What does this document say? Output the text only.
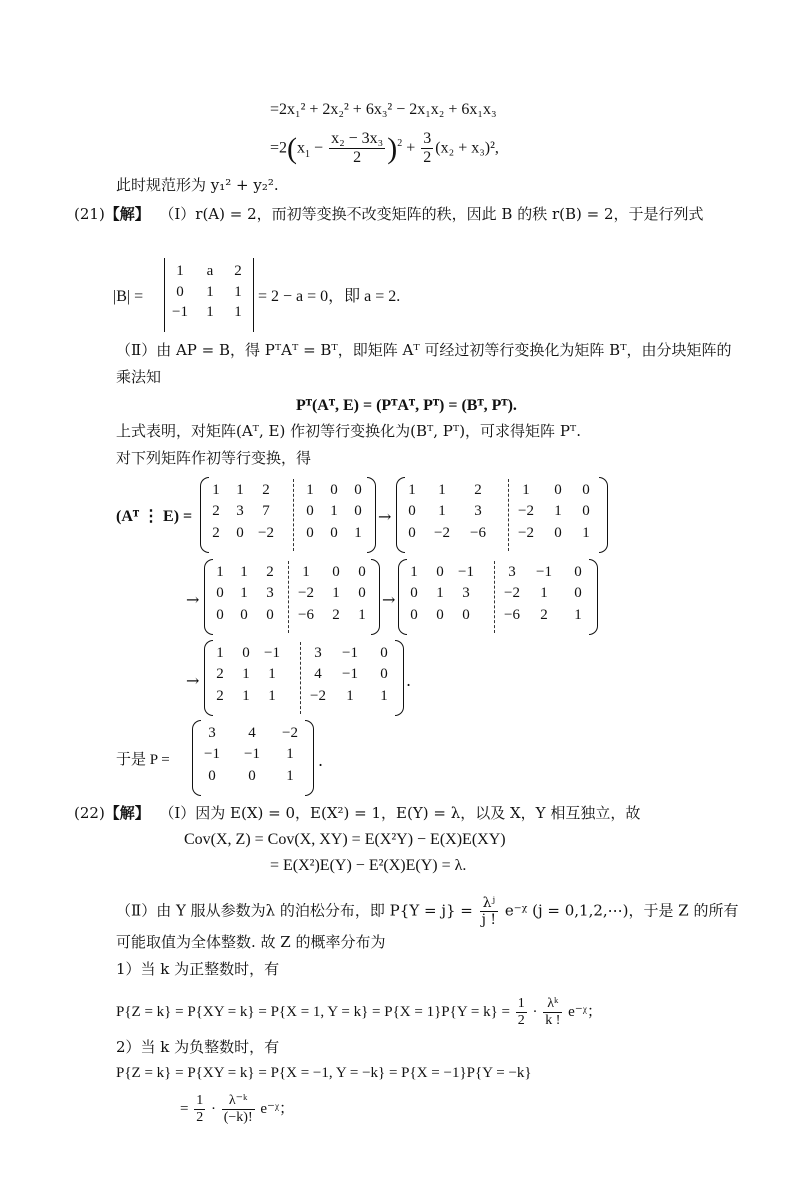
=2x₁² + 2x₂² + 6x₃² − 2x₁x₂ + 6x₁x₃
$=2(x_1 - \frac{\text{x₂ − 3x₃}}{2} )^2 + \frac{3}{2} (x_2 + x_3)^2$,
此时规范形为 y₁² + y₂².
(21)【解】 （Ⅰ）r(A) = 2，而初等变换不改变矩阵的秩，因此 B 的秩 r(B) = 2，于是行列式
|B| =
1	a	2
0	1	1
−1	1	1
= 2 − a = 0，即 a = 2.
（Ⅱ）由 AP = B，得 PᵀAᵀ = Bᵀ，即矩阵 Aᵀ 可经过初等行变换化为矩阵 Bᵀ，由分块矩阵的
乘法知
Pᵀ(Aᵀ, E) = (PᵀAᵀ, Pᵀ) = (Bᵀ, Pᵀ).
上式表明，对矩阵(Aᵀ, E) 作初等行变换化为(Bᵀ, Pᵀ)，可求得矩阵 Pᵀ.
对下列矩阵作初等行变换，得
(Aᵀ ⋮ E) =
1	1	2	1	0	0
2	3	7	0	1	0
2	0 −2	0	0	1
→
1	1	2	1	0	0
0	1	3	−2	1	0
0	−2 −6 −2	0	1
→
1	1	2	1	0	0
0	1	3	−2	1	0
0	0	0	−6	2	1
→
1	0 −1	3	−1	0
0	1	3	−2	1	0
0	0	0	−6	2	1
→
1	0 −1	3	−1	0
2	1	1	4	−1	0
2	1	1	−2	1	1
.
于是 P =
3	4	−2
−1 −1	1
0	0	1
.
(22)【解】 （Ⅰ）因为 E(X) = 0，E(X²) = 1，E(Y) = λ，以及 X，Y 相互独立，故
Cov(X, Z) = Cov(X, XY) = E(X²Y) − E(X)E(XY)
= E(X²)E(Y) − E²(X)E(Y) = λ.
（Ⅱ）由 Y 服从参数为λ 的泊松分布，即 $P\{Y = j\} = \frac{\text{λʲ}}{j !}$ e⁻ᵡ (j = 0,1,2,⋯)，于是 Z 的所有
可能取值为全体整数. 故 Z 的概率分布为
1）当 k 为正整数时，有
P{Z = k} = P{XY = k} = P{X = 1, $Y = k\} = P\{X = 1\}P\{Y = k\} = \frac{1}{2} \cdot \frac{\text{λᵏ}}{k !}$ e⁻ᵡ；
2）当 k 为负整数时，有
P{Z = k} = P{XY = k} = P{X = −1, Y = −k} = P{X = −1}P{Y = −k}
= $\frac{1}{2} \cdot \frac{\text{λ⁻ᵏ}}{(-k)!}$ e⁻ᵡ；
